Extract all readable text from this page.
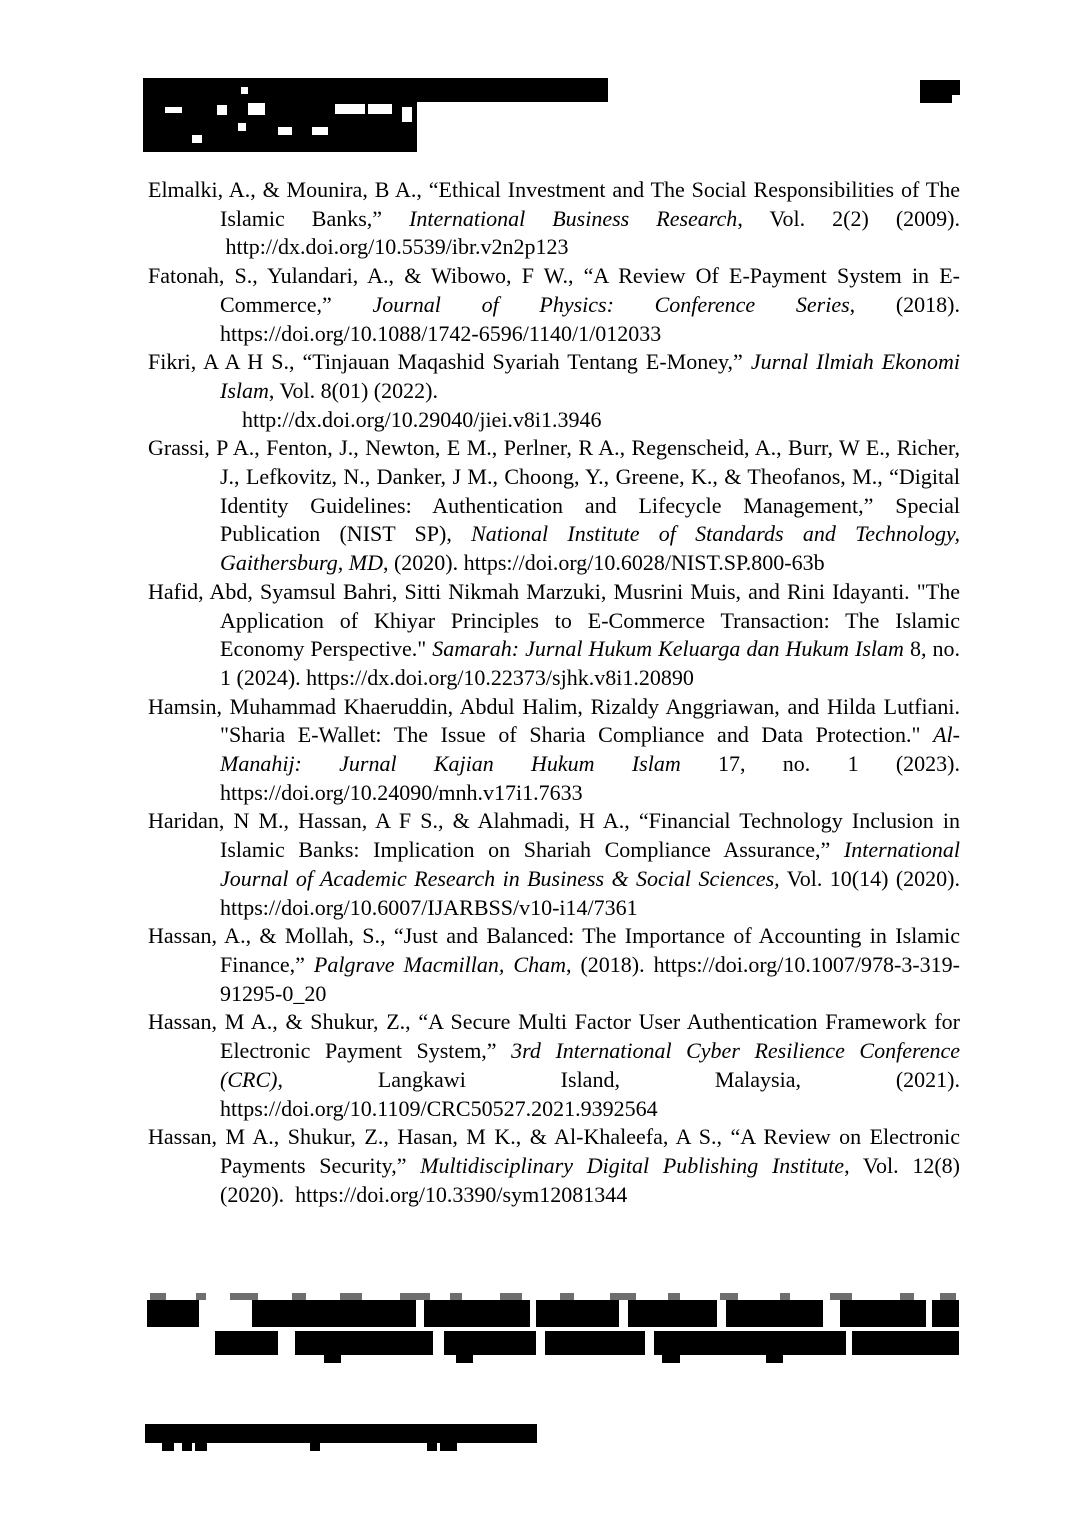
Elmalki, A., & Mounira, B A., “Ethical Investment and The Social Responsibilities of The Islamic Banks,” International Business Research, Vol. 2(2) (2009).  http://dx.doi.org/10.5539/ibr.v2n2p123

Fatonah, S., Yulandari, A., & Wibowo, F W., “A Review Of E-Payment System in E-Commerce,” Journal of Physics: Conference Series, (2018). https://doi.org/10.1088/1742-6596/1140/1/012033

Fikri, A A H S., “Tinjauan Maqashid Syariah Tentang E-Money,” Jurnal Ilmiah Ekonomi Islam, Vol. 8(01) (2022).
 http://dx.doi.org/10.29040/jiei.v8i1.3946

Grassi, P A., Fenton, J., Newton, E M., Perlner, R A., Regenscheid, A., Burr, W E., Richer, J., Lefkovitz, N., Danker, J M., Choong, Y., Greene, K., & Theofanos, M., “Digital Identity Guidelines: Authentication and Lifecycle Management,” Special Publication (NIST SP), National Institute of Standards and Technology, Gaithersburg, MD, (2020). https://doi.org/10.6028/NIST.SP.800-63b

Hafid, Abd, Syamsul Bahri, Sitti Nikmah Marzuki, Musrini Muis, and Rini Idayanti. "The Application of Khiyar Principles to E-Commerce Transaction: The Islamic Economy Perspective." Samarah: Jurnal Hukum Keluarga dan Hukum Islam 8, no. 1 (2024). https://dx.doi.org/10.22373/sjhk.v8i1.20890

Hamsin, Muhammad Khaeruddin, Abdul Halim, Rizaldy Anggriawan, and Hilda Lutfiani. "Sharia E-Wallet: The Issue of Sharia Compliance and Data Protection." Al-Manahij: Jurnal Kajian Hukum Islam 17, no. 1 (2023). https://doi.org/10.24090/mnh.v17i1.7633

Haridan, N M., Hassan, A F S., & Alahmadi, H A., “Financial Technology Inclusion in Islamic Banks: Implication on Shariah Compliance Assurance,” International Journal of Academic Research in Business & Social Sciences, Vol. 10(14) (2020). https://doi.org/10.6007/IJARBSS/v10-i14/7361

Hassan, A., & Mollah, S., “Just and Balanced: The Importance of Accounting in Islamic Finance,” Palgrave Macmillan, Cham, (2018). https://doi.org/10.1007/978-3-319-91295-0_20

Hassan, M A., & Shukur, Z., “A Secure Multi Factor User Authentication Framework for Electronic Payment System,” 3rd International Cyber Resilience Conference (CRC), Langkawi Island, Malaysia, (2021). https://doi.org/10.1109/CRC50527.2021.9392564

Hassan, M A., Shukur, Z., Hasan, M K., & Al-Khaleefa, A S., “A Review on Electronic Payments Security,” Multidisciplinary Digital Publishing Institute, Vol. 12(8) (2020).  https://doi.org/10.3390/sym12081344
